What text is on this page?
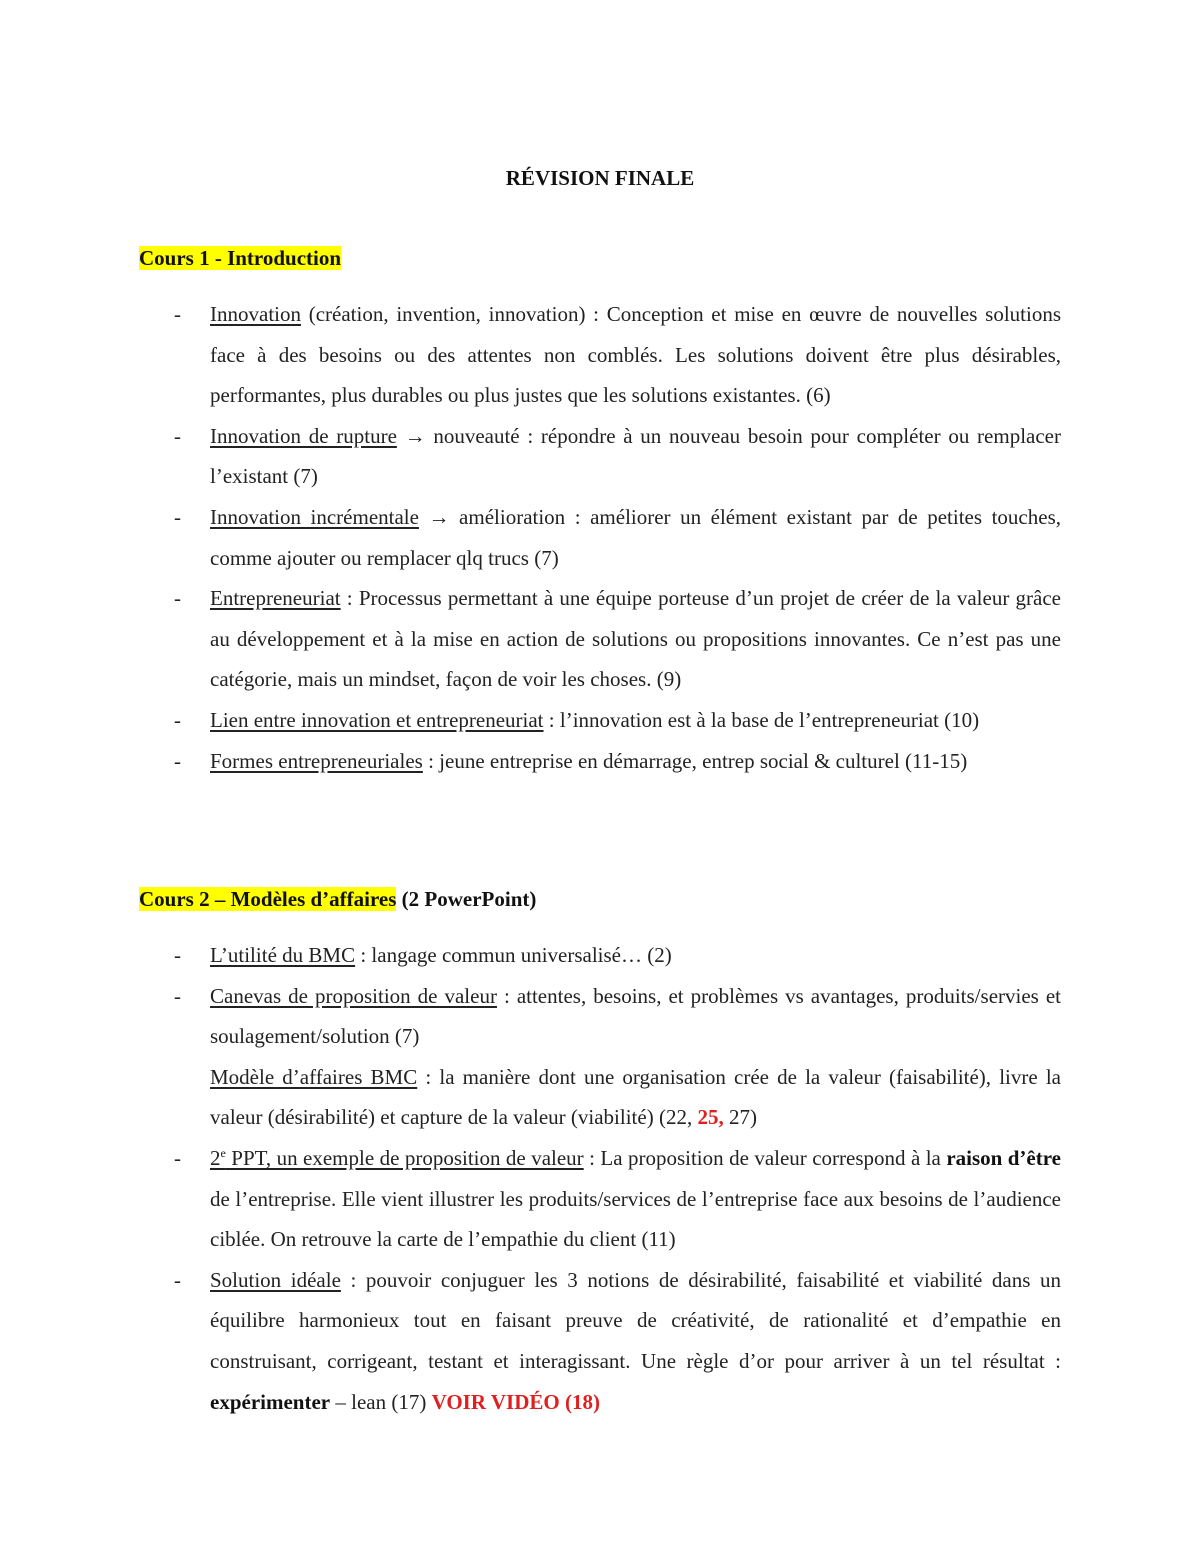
RÉVISION FINALE
Cours 1 - Introduction

- Innovation (création, invention, innovation) : Conception et mise en œuvre de nouvelles solutions face à des besoins ou des attentes non comblés. Les solutions doivent être plus désirables, performantes, plus durables ou plus justes que les solutions existantes. (6)

- Innovation de rupture → nouveauté : répondre à un nouveau besoin pour compléter ou remplacer l’existant (7)

- Innovation incrémentale → amélioration : améliorer un élément existant par de petites touches, comme ajouter ou remplacer qlq trucs (7)

- Entrepreneuriat : Processus permettant à une équipe porteuse d’un projet de créer de la valeur grâce au développement et à la mise en action de solutions ou propositions innovantes. Ce n’est pas une catégorie, mais un mindset, façon de voir les choses. (9)

- Lien entre innovation et entrepreneuriat : l’innovation est à la base de l’entrepreneuriat (10)

- Formes entrepreneuriales : jeune entreprise en démarrage, entrep social & culturel (11-15)

Cours 2 – Modèles d’affaires (2 PowerPoint)

- L’utilité du BMC : langage commun universalisé… (2)

- Canevas de proposition de valeur : attentes, besoins, et problèmes vs avantages, produits/servies et soulagement/solution (7)

Modèle d’affaires BMC : la manière dont une organisation crée de la valeur (faisabilité), livre la valeur (désirabilité) et capture de la valeur (viabilité) (22, 25, 27)

- 2e PPT, un exemple de proposition de valeur : La proposition de valeur correspond à la raison d’être de l’entreprise. Elle vient illustrer les produits/services de l’entreprise face aux besoins de l’audience ciblée. On retrouve la carte de l’empathie du client (11)

- Solution idéale : pouvoir conjuguer les 3 notions de désirabilité, faisabilité et viabilité dans un équilibre harmonieux tout en faisant preuve de créativité, de rationalité et d’empathie en construisant, corrigeant, testant et interagissant. Une règle d’or pour arriver à un tel résultat : expérimenter – lean (17) VOIR VIDÉO (18)
